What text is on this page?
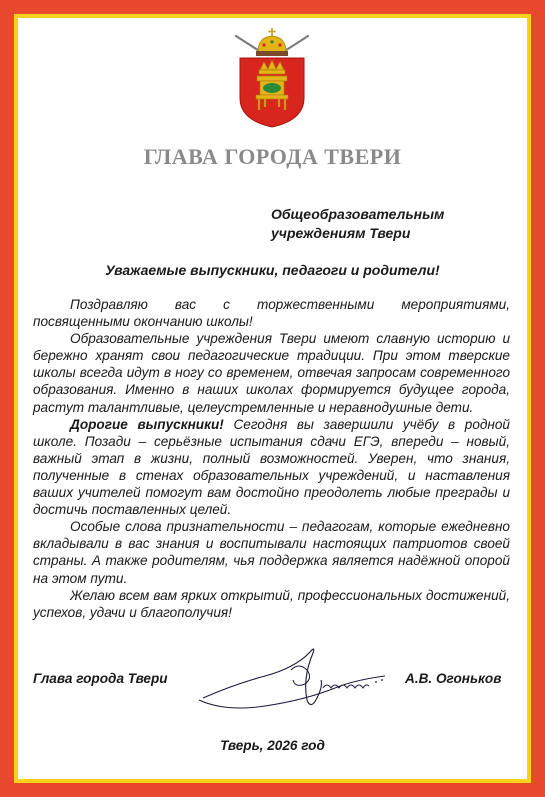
ГЛАВА ГОРОДА ТВЕРИ
Общеобразовательным
учреждениям Твери
Уважаемые выпускники, педагоги и родители!

Поздравляю вас с торжественными мероприятиями, посвященными окончанию школы!

Образовательные учреждения Твери имеют славную историю и бережно хранят свои педагогические традиции. При этом тверские школы всегда идут в ногу со временем, отвечая запросам современного образования. Именно в наших школах формируется будущее города, растут талантливые, целеустремленные и неравнодушные дети.

Дорогие выпускники! Сегодня вы завершили учёбу в родной школе. Позади – серьёзные испытания сдачи ЕГЭ, впереди – новый, важный этап в жизни, полный возможностей. Уверен, что знания, полученные в стенах образовательных учреждений, и наставления ваших учителей помогут вам достойно преодолеть любые преграды и достичь поставленных целей.

Особые слова признательности – педагогам, которые ежедневно вкладывали в вас знания и воспитывали настоящих патриотов своей страны. А также родителям, чья поддержка является надёжной опорой на этом пути.

Желаю всем вам ярких открытий, профессиональных достижений, успехов, удачи и благополучия!

Глава города Твери	А.В. Огоньков
Тверь, 2026 год
